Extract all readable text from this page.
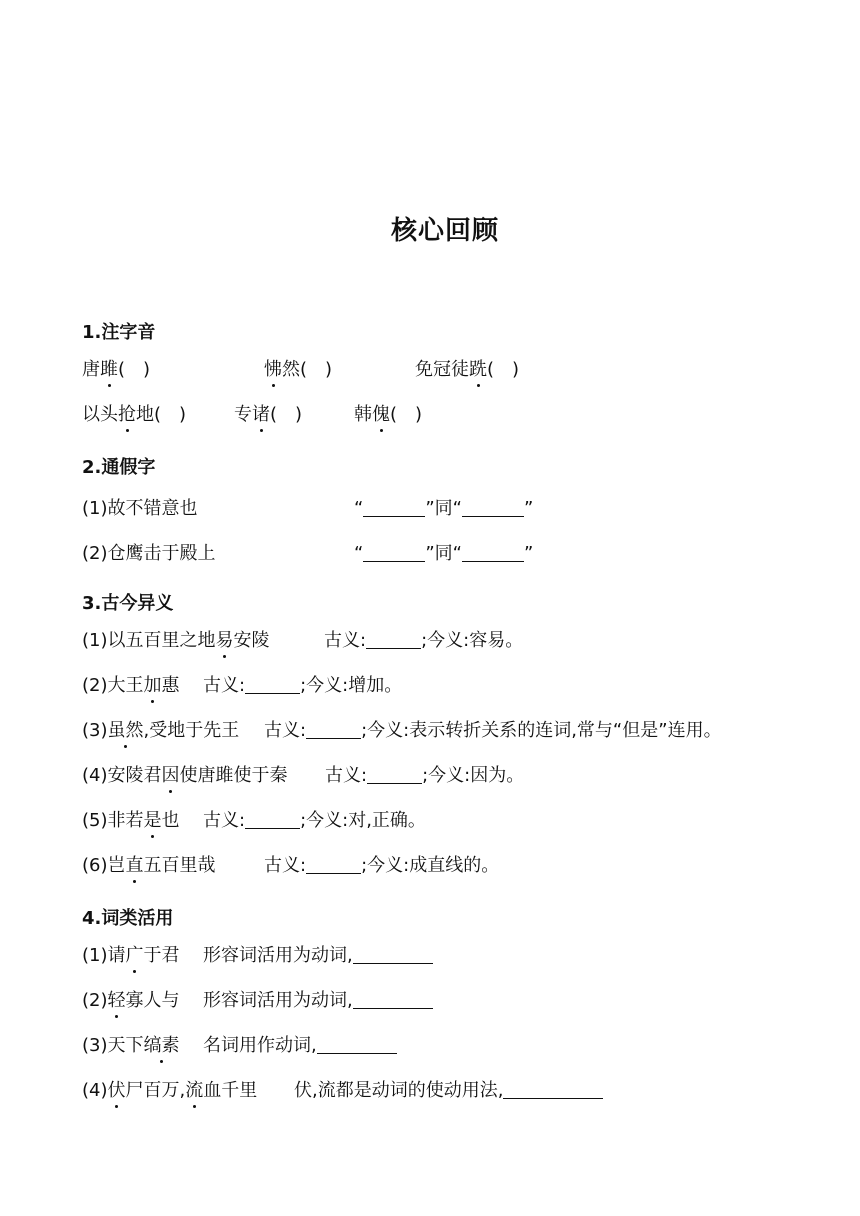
核心回顾
1.注字音
唐雎(　)	怫然(　)	免冠徒跣(　)
以头抢地(　)	专诸(　)	韩傀(　)
2.通假字
(1)故不错意也	“	”同“	”
(2)仓鹰击于殿上	“	”同“	”
3.古今异义
(1)以五百里之地易安陵	古义:	;今义:容易。
(2)大王加惠 古义:	;今义:增加。
(3)虽然,受地于先王 古义:	;今义:表示转折关系的连词,常与“但是”连用。
(4)安陵君因使唐雎使于秦 古义:	;今义:因为。
(5)非若是也 古义:	;今义:对,正确。
(6)岂直五百里哉	古义:	;今义:成直线的。
4.词类活用
(1)请广于君 形容词活用为动词,
(2)轻寡人与 形容词活用为动词,
(3)天下缟素 名词用作动词,
(4)伏尸百万,流血千里 伏,流都是动词的使动用法,
